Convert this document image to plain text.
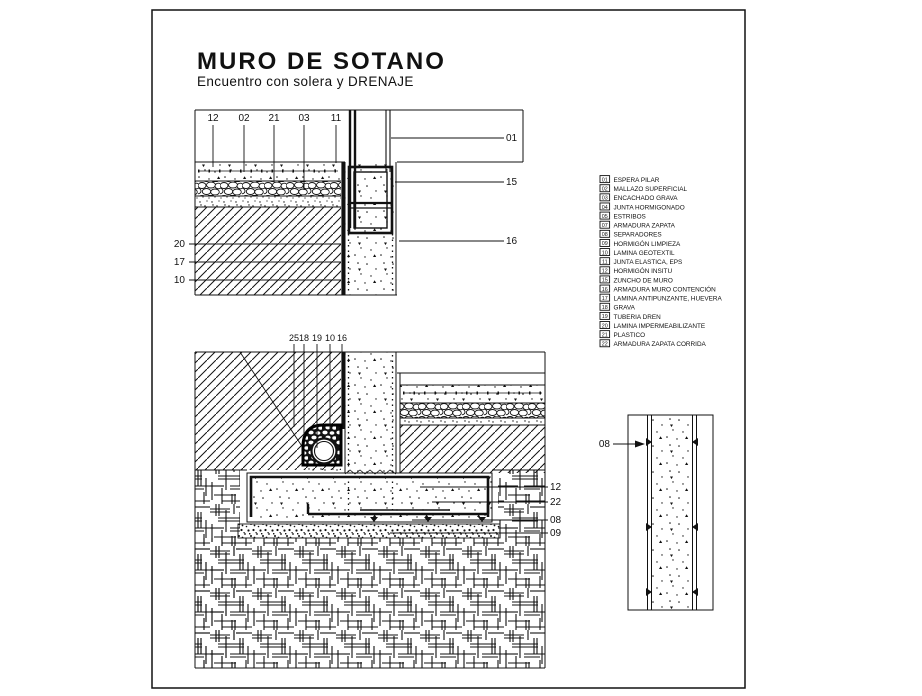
MURO DE SOTANO
Encuentro con solera y DRENAJE
12 02 21 03 11
20
17
10
01
15
16
25 18 19 10 16
12
22
08
09
08
01 ESPERA PILAR
02 MALLAZO SUPERFICIAL
03 ENCACHADO GRAVA
04 JUNTA HORMIGONADO
05 ESTRIBOS
07 ARMADURA ZAPATA
08 SEPARADORES
09 HORMIGÓN LIMPIEZA
10 LAMINA GEOTEXTIL
11 JUNTA ELASTICA, EPS
12 HORMIGÓN INSITU
15 ZUNCHO DE MURO
16 ARMADURA MURO CONTENCIÓN
17 LAMINA ANTIPUNZANTE, HUEVERA
18 GRAVA
19 TUBERIA DREN
20 LAMINA IMPERMEABILIZANTE
21 PLASTICO
22 ARMADURA ZAPATA CORRIDA
